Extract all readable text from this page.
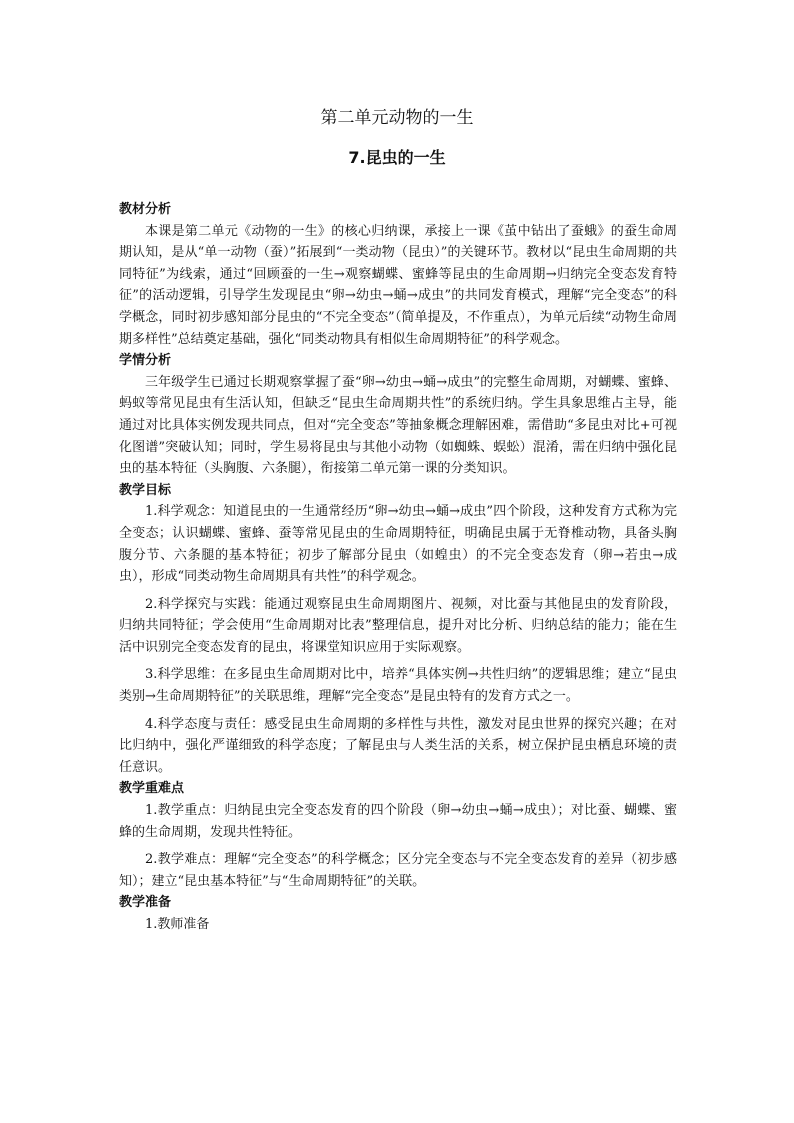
第二单元动物的一生
7.昆虫的一生
教材分析

本课是第二单元《动物的一生》的核心归纳课，承接上一课《茧中钻出了蚕蛾》的蚕生命周期认知，是从“单一动物（蚕）”拓展到“一类动物（昆虫）”的关键环节。教材以“昆虫生命周期的共同特征”为线索，通过“回顾蚕的一生→观察蝴蝶、蜜蜂等昆虫的生命周期→归纳完全变态发育特征”的活动逻辑，引导学生发现昆虫“卵→幼虫→蛹→成虫”的共同发育模式，理解“完全变态”的科学概念，同时初步感知部分昆虫的“不完全变态”（简单提及，不作重点），为单元后续“动物生命周期多样性”总结奠定基础，强化“同类动物具有相似生命周期特征”的科学观念。

学情分析

三年级学生已通过长期观察掌握了蚕“卵→幼虫→蛹→成虫”的完整生命周期，对蝴蝶、蜜蜂、蚂蚁等常见昆虫有生活认知，但缺乏“昆虫生命周期共性”的系统归纳。学生具象思维占主导，能通过对比具体实例发现共同点，但对“完全变态”等抽象概念理解困难，需借助“多昆虫对比+可视化图谱”突破认知；同时，学生易将昆虫与其他小动物（如蜘蛛、蜈蚣）混淆，需在归纳中强化昆虫的基本特征（头胸腹、六条腿），衔接第二单元第一课的分类知识。

教学目标

1.科学观念：知道昆虫的一生通常经历“卵→幼虫→蛹→成虫”四个阶段，这种发育方式称为完全变态；认识蝴蝶、蜜蜂、蚕等常见昆虫的生命周期特征，明确昆虫属于无脊椎动物，具备头胸腹分节、六条腿的基本特征；初步了解部分昆虫（如蝗虫）的不完全变态发育（卵→若虫→成虫），形成“同类动物生命周期具有共性”的科学观念。

2.科学探究与实践：能通过观察昆虫生命周期图片、视频，对比蚕与其他昆虫的发育阶段，归纳共同特征；学会使用“生命周期对比表”整理信息，提升对比分析、归纳总结的能力；能在生活中识别完全变态发育的昆虫，将课堂知识应用于实际观察。

3.科学思维：在多昆虫生命周期对比中，培养“具体实例→共性归纳”的逻辑思维；建立“昆虫类别→生命周期特征”的关联思维，理解“完全变态”是昆虫特有的发育方式之一。

4.科学态度与责任：感受昆虫生命周期的多样性与共性，激发对昆虫世界的探究兴趣；在对比归纳中，强化严谨细致的科学态度；了解昆虫与人类生活的关系，树立保护昆虫栖息环境的责任意识。

教学重难点

1.教学重点：归纳昆虫完全变态发育的四个阶段（卵→幼虫→蛹→成虫）；对比蚕、蝴蝶、蜜蜂的生命周期，发现共性特征。

2.教学难点：理解“完全变态”的科学概念；区分完全变态与不完全变态发育的差异（初步感知）；建立“昆虫基本特征”与“生命周期特征”的关联。

教学准备

1.教师准备
